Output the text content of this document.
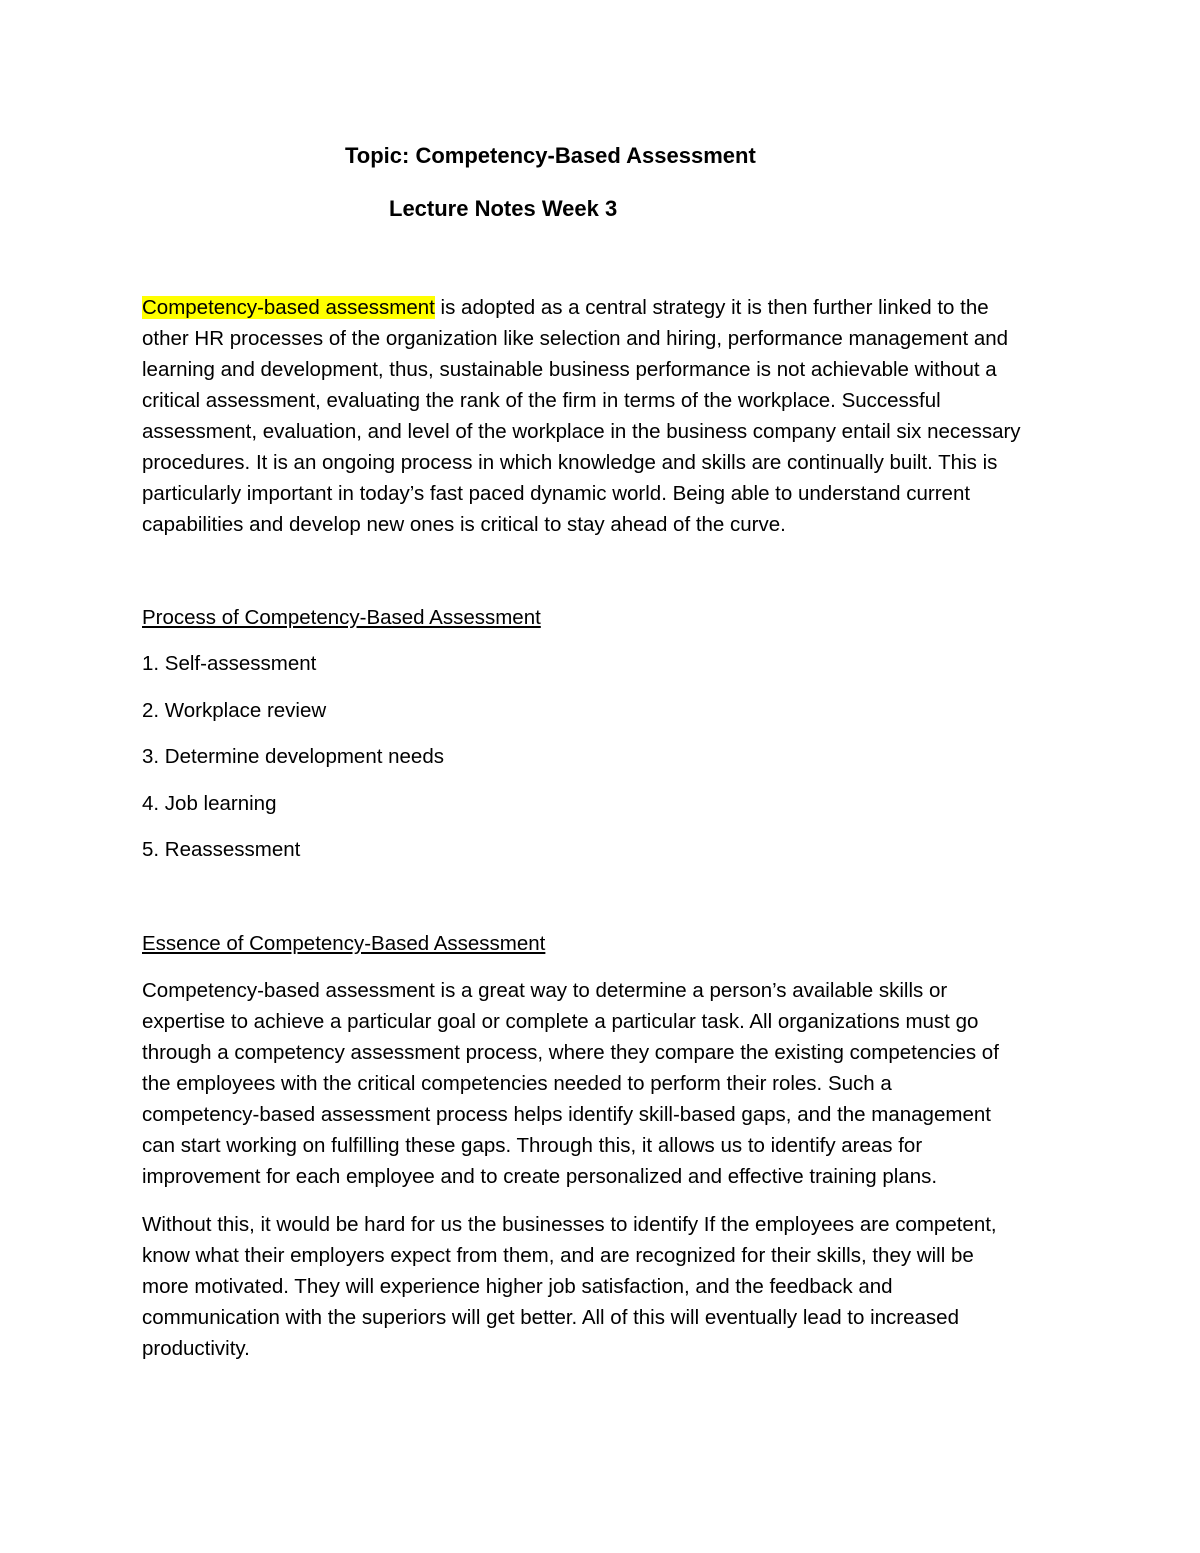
Topic: Competency-Based Assessment
Lecture Notes Week 3
Competency-based assessment is adopted as a central strategy it is then further linked to the
other HR processes of the organization like selection and hiring, performance management and
learning and development, thus, sustainable business performance is not achievable without a
critical assessment, evaluating the rank of the firm in terms of the workplace. Successful
assessment, evaluation, and level of the workplace in the business company entail six necessary
procedures. It is an ongoing process in which knowledge and skills are continually built. This is
particularly important in today’s fast paced dynamic world. Being able to understand current
capabilities and develop new ones is critical to stay ahead of the curve.
Process of Competency-Based Assessment
1. Self-assessment
2. Workplace review
3. Determine development needs
4. Job learning
5. Reassessment
Essence of Competency-Based Assessment
Competency-based assessment is a great way to determine a person’s available skills or
expertise to achieve a particular goal or complete a particular task. All organizations must go
through a competency assessment process, where they compare the existing competencies of
the employees with the critical competencies needed to perform their roles. Such a
competency-based assessment process helps identify skill-based gaps, and the management
can start working on fulfilling these gaps. Through this, it allows us to identify areas for
improvement for each employee and to create personalized and effective training plans.
Without this, it would be hard for us the businesses to identify If the employees are competent,
know what their employers expect from them, and are recognized for their skills, they will be
more motivated. They will experience higher job satisfaction, and the feedback and
communication with the superiors will get better. All of this will eventually lead to increased
productivity.
